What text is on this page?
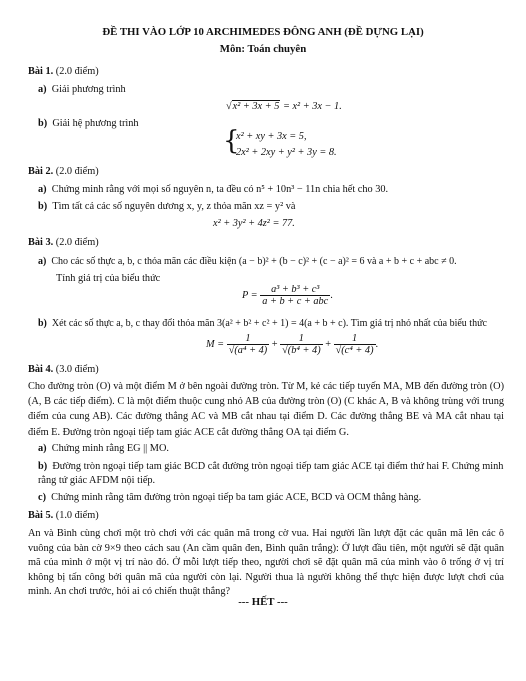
ĐỀ THI VÀO LỚP 10 ARCHIMEDES ĐÔNG ANH (ĐỀ DỰNG LẠI)
Môn: Toán chuyên
Bài 1. (2.0 điểm)
a) Giải phương trình
√x² + 3x + 5 = x² + 3x − 1.
b) Giải hệ phương trình
{
x² + xy + 3x = 5,
2x² + 2xy + y² + 3y = 8.
Bài 2. (2.0 điểm)
a) Chứng minh rằng với mọi số nguyên n, ta đều có n⁵ + 10n³ − 11n chia hết cho 30.
b) Tìm tất cả các số nguyên dương x, y, z thỏa mãn xz = y² và
x² + 3y² + 4z² = 77.
Bài 3. (2.0 điểm)
a) Cho các số thực a, b, c thỏa mãn các điều kiện (a − b)² + (b − c)² + (c − a)² = 6 và a + b + c + abc ≠ 0.
Tính giá trị của biểu thức
$P = \frac{\text{a³ + b³ + c³}}{\text{a + b + c + abc}}$ .
b) Xét các số thực a, b, c thay đổi thỏa mãn 3(a² + b² + c² + 1) = 4(a + b + c). Tìm giá trị nhỏ nhất của biểu thức
$M = \frac{1}{\text{√(a⁴ + 4)}} + \frac{1}{\text{√(b⁴ + 4)}} + \frac{1}{\text{√(c⁴ + 4)}}$ .
Bài 4. (3.0 điểm)
Cho đường tròn (O) và một điểm M ở bên ngoài đường tròn. Từ M, kẻ các tiếp tuyến MA, MB đến đường tròn (O) (A, B các tiếp điểm). C là một điểm thuộc cung nhỏ AB của đường tròn (O) (C khác A, B và không trùng với trung điểm của cung AB). Các đường thẳng AC và MB cắt nhau tại điểm D. Các đường thẳng BE và MA cắt nhau tại điểm E. Đường tròn ngoại tiếp tam giác ACE cắt đường thẳng OA tại điểm G.
a) Chứng minh rằng EG || MO.
b) Đường tròn ngoại tiếp tam giác BCD cắt đường tròn ngoại tiếp tam giác ACE tại điểm thứ hai F. Chứng minh rằng tứ giác AFDM nội tiếp.
c) Chứng minh rằng tâm đường tròn ngoại tiếp ba tam giác ACE, BCD và OCM thẳng hàng.
Bài 5. (1.0 điểm)
An và Bình cùng chơi một trò chơi với các quân mã trong cờ vua. Hai người lần lượt đặt các quân mã lên các ô vuông của bàn cờ 9×9 theo cách sau (An cầm quân đen, Bình quân trắng): Ở lượt đầu tiên, một người sẽ đặt quân mã của mình ở một vị trí nào đó. Ở mỗi lượt tiếp theo, người chơi sẽ đặt quân mã của mình vào ô trống ở vị trí không bị tấn công bởi quân mã của người còn lại. Người thua là người không thể thực hiện được lượt chơi của mình. An chơi trước, hỏi ai có chiến thuật thắng?
--- HẾT ---
